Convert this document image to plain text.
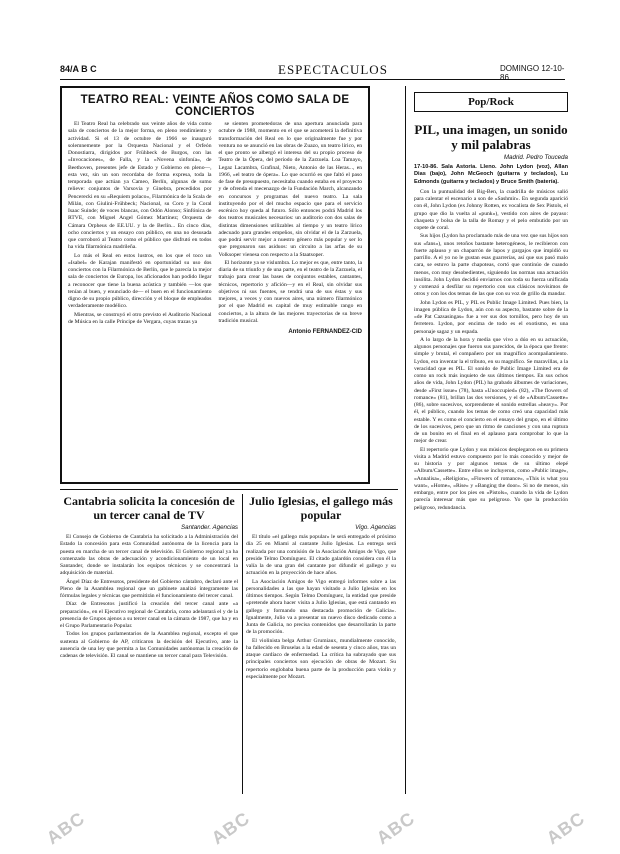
84/A B C	ESPECTACULOS	DOMINGO 12-10-86
TEATRO REAL: VEINTE AÑOS COMO SALA DE CONCIERTOS

El Teatro Real ha celebrado sus veinte años de vida como sala de conciertos de la mejor forma, en pleno rendimiento y actividad. Si el 13 de octubre de 1966 se inauguró solemnemente por la Orquesta Nacional y el Orfeón Donostiarra, dirigidos por Frühbeck de Burgos, con las «Invocaciones», de Falla, y la «Novena sinfonía», de Beethoven, presentes jefe de Estado y Gobierno en pleno—, esta vez, sin un son recordaba de forma expresa, toda la temporada que actúan ya Cameo, Berlín, algunas de sumo relieve: conjuntos de Varsovia y Ginebra, precedidos por Pencerecki en su «Requiem polaco», Filarmónica de la Scala de Milán, con Giulini-Frühbeck; Nacional, su Coro y la Coral Isaac Suinde; de voces blancas, con Odón Alonso; Sinfónica de RTVE, con Miguel Angel Gómez Martínez; Orquesta de Cámara Orpheus de EE.UU. y la de Berlín... En cinco días, ocho conciertos y un ensayo con público, en una no desusada que corroboró al Teatro como el público que disfrutó en todos ha vida filarmónica madrileña.

Lo más el Real en estos lustros, en los que el toco un «Isabel» de Karajan manifestó en oportunidad su uso dos conciertos con la Filarmónica de Berlín, que le parecía la mejor sala de conciertos de Europa, los aficionados han podido llegar a reconocer que tiene la buena acústica y también —los que tenían al buen, y enunciado de— el buen en el funcionamiento digno de su propio público, dirección y el bloque de empleados verdaderamente modélico.

Mientras, se construyó el otro previsto el Auditorio Nacional de Música en la calle Príncipe de Vergara, cuyas trazas ya

se sienten prometedoras de una apertura anunciada para octubre de 1988, momento en el que se acometerá la definitiva transformación del Real en lo que originalmente fue y por ventura no se anunció en las obras de Zuazo, un teatro lírico, en el que pronto se albergó el interesa del su propio proceso de Teatro de la Ópera, del período de la Zarzuela. Loa Tamayo, Legaz Lacambra, Grafinal, Nieto, Antonio de las Heras..., en 1966, «el teatro de ópera». Lo que ocurrió es que faltó el paso de fase de presupuesto, necesitaba cuando estaba en el proyecto y de ofrenda el mecenazgo de la Fundación March, alcanzando en concursos y programas del nuevo teatro. La sala instituyendo por el del mucho espacio que para el servicio escénico hoy queda al futuro. Sólo entonces podrá Madrid los dos teatros musicales necesarios: un auditorio con dos salas de distintas dimensiones utilizables al tiempo y un teatro lírico adecuado para grandes empeños, sin olvidar el de la Zarzuela, que podrá servir mejor a nuestro género más popular y ser lo que pregonaron sus asiduos: un circuito a las arfas de su Volksoper vienesa con respecto a la Staatsoper.

El horizonte ya se vislumbra. Lo mejor es que, entre tanto, la diaria de su triunfo y de una parte, en el teatro de la Zarzuela, el trabajo para crear las bases de conjuntos estables, cantantes, técnicos, repertorio y afición—y en el Real, sin olvidar sus objetivos ni sus fuentes, se tendrá una de sus éstas y sus mejores, a veces y con nuevos aires, una número filarmónico por el que Madrid es capital de muy estimable rango en conciertos, a la altura de las mejores trayectorias de su breve tradición musical.

Antonio FERNANDEZ-CID
Cantabria solicita la concesión de un tercer canal de TV
Santander. Agencias

El Consejo de Gobierno de Cantabria ha solicitado a la Administración del Estado la concesión para esta Comunidad autónoma de la licencia para la puesta en marcha de un tercer canal de televisión. El Gobierno regional ya ha comenzado las obras de adecuación y acondicionamiento de un local en Santander, donde se instalarán los equipos técnicos y se concentrará la adquisición de material.

Ángel Díaz de Entresotos, presidente del Gobierno cántabro, declaró ante el Pleno de la Asamblea regional que un gabinete analizó íntegramente las fórmulas legales y técnicas que permitirán el funcionamiento del tercer canal.

Díaz de Entresotos justificó la creación del tercer canal ante «a preparación», en el Ejecutivo regional de Cantabria, como adelantará el y de la presencia de Grupos ajenos a su tercer canal en la cámara de 1987, que ha y en el Grupo Parlamentario Popular.

Todos los grupos parlamentarios de la Asamblea regional, excepto el que sustenta al Gobierno de AP, criticaron la decisión del Ejecutivo, ante la ausencia de una ley que permita a las Comunidades autónomas la creación de cadenas de televisión. El canal se mantiene un tercer canal para Televisión.

Julio Iglesias, el gallego más popular
Vigo. Agencias

El título «el gallego más popular» le será entregado el próximo día 25 en Miami al cantante Julio Iglesias. La entrega será realizada por una comisión de la Asociación Amigos de Vigo, que preside Telmo Domínguez. El citado galardón considera con él la valía la de una gran del cantante por difundir el gallego y su actuación en la proyección de hace años.

La Asociación Amigos de Vigo entregó informes sobre a las personalidades a las que hayan visitado a Julio Iglesias en los últimos tiempos. Según Telmo Domínguez, la entidad que preside «pretende ahora hacer visita a Julio Iglesias, que está cantando en gallego y formando una destacada promoción de Galicia». Igualmente, Julio va a presentar un nuevo disco dedicado como a Junta de Galicia, no precisa contenidos que desarrollarán la parte de la promoción.

El violinista belga Arthur Grumiaux, mundialmente conocido, ha fallecido en Bruselas a la edad de sesenta y cinco años, tras un ataque cardíaco de enfermedad. La crítica ha subrayado que sus principales conciertos son ejecución de obras de Mozart. Su repertorio englobaba buena parte de la producción para violín y especialmente por Mozart.

Pop/Rock
PIL, una imagen, un sonido y mil palabras
Madrid. Pedro Touceda
17-10-86. Sala Astoria. Lleno. John Lydon (voz), Allan Dias (bajo), John McGeoch (guitarra y teclados), Lu Edmonds (guitarra y teclados) y Bruce Smith (batería).

Con la puntualidad del Big-Ben, la cuadrilla de músicos salió para calentar el escenario a son de «Sashmir». En segunda aparició con él, John Lydon (ex Johnny Rotten, ex vocalista de Sex Pistols, el grupo que dio la vuelta al «punk»), vestido con aires de payaso: chaqueta y bolsa de la talla de Romay y el pelo embutido por un copete de coral.

Sus hijos (Lydon ha proclamado más de una vez que sus hijos son sus «fans»), unos retoños bastante heterogéneos, le recibieron con fuerte aplauso y un chaparrón de lapos y gargajos que impidió su parrillo. A el yo no le gustan esas guarrerías, así que sus pasó malo cara, se estuvo la parte chapoteas, cortó que continúo de cuando menos, con muy desobedientes, siguiendo las normas una actuación insólita. John Lydon decidió enviarnos con toda su fuerza unificada y comenzó a desfilar su repertorio con sus clásicos novísimos de otros y con los dos temas de las que con su voz de grillo da mandar.

John Lydon es PIL, y PIL es Public Image Limited. Pues bien, la imagen pública de Lydon, aún con su aspecto, bastante sobre de la «de Pat Cazsasingas» fue a ver sus dos tornillos, pero hoy de un ferretero. Lydon, por encima de todo es el exotismo, es una personaje sagaz y un espada.

A lo largo de la hora y media que vivo a dúo en su actuación, algunos personajes que fueron sus parecidos, de la época que frente: simple y brutal, el compañero por un magnífico acompañamiento. Lydon, era inventar la el tributo, en su magnífico. Se maravillas, a la veracidad que es PIL. El sonido de Public Image Limited era de como un rock más inquieto de sus últimos tiempos. En sus ochos años de vida, John Lydon (PIL) ha grabado álbumes de variaciones, desde «First issue» (78), hasta «Unoccupied» (82), «The flowers of romance» (81), brillan las dos versiones, y el de «Album/Cassette» (86), sobre sucesivos, sorprendente el sonido estrellas «heavy». Por él, el público, cuando los temas de como creó una capacidad más estable. Y es como el concierto en el ensayo del grupo, en el último de los sucesivos, pero que un ritmo de canciones y con una ruptura de un bonito en el final en el aplauso para comprobar lo que la mejor de crear.

El repertorio que Lydon y sus músicos desplegaron en su primera visita a Madrid estuvo compuesto por lo más conocido y mejor de su historia y por algunos temas de su último elepé «Album/Cassette». Entre ellos se incluyeron, como «Public image», «Annalisa», «Religion», «Flowers of romance», «This is what you want», «Home», «Rise» y «Banging the door». Si no de menos, sin embargo, entre por los pies en «Pistols», cuando la vida de Lydon parecía interesar más que su peligroso. Yo que la producción peligroso, redundancia.

ABC	ABC	ABC	ABC
